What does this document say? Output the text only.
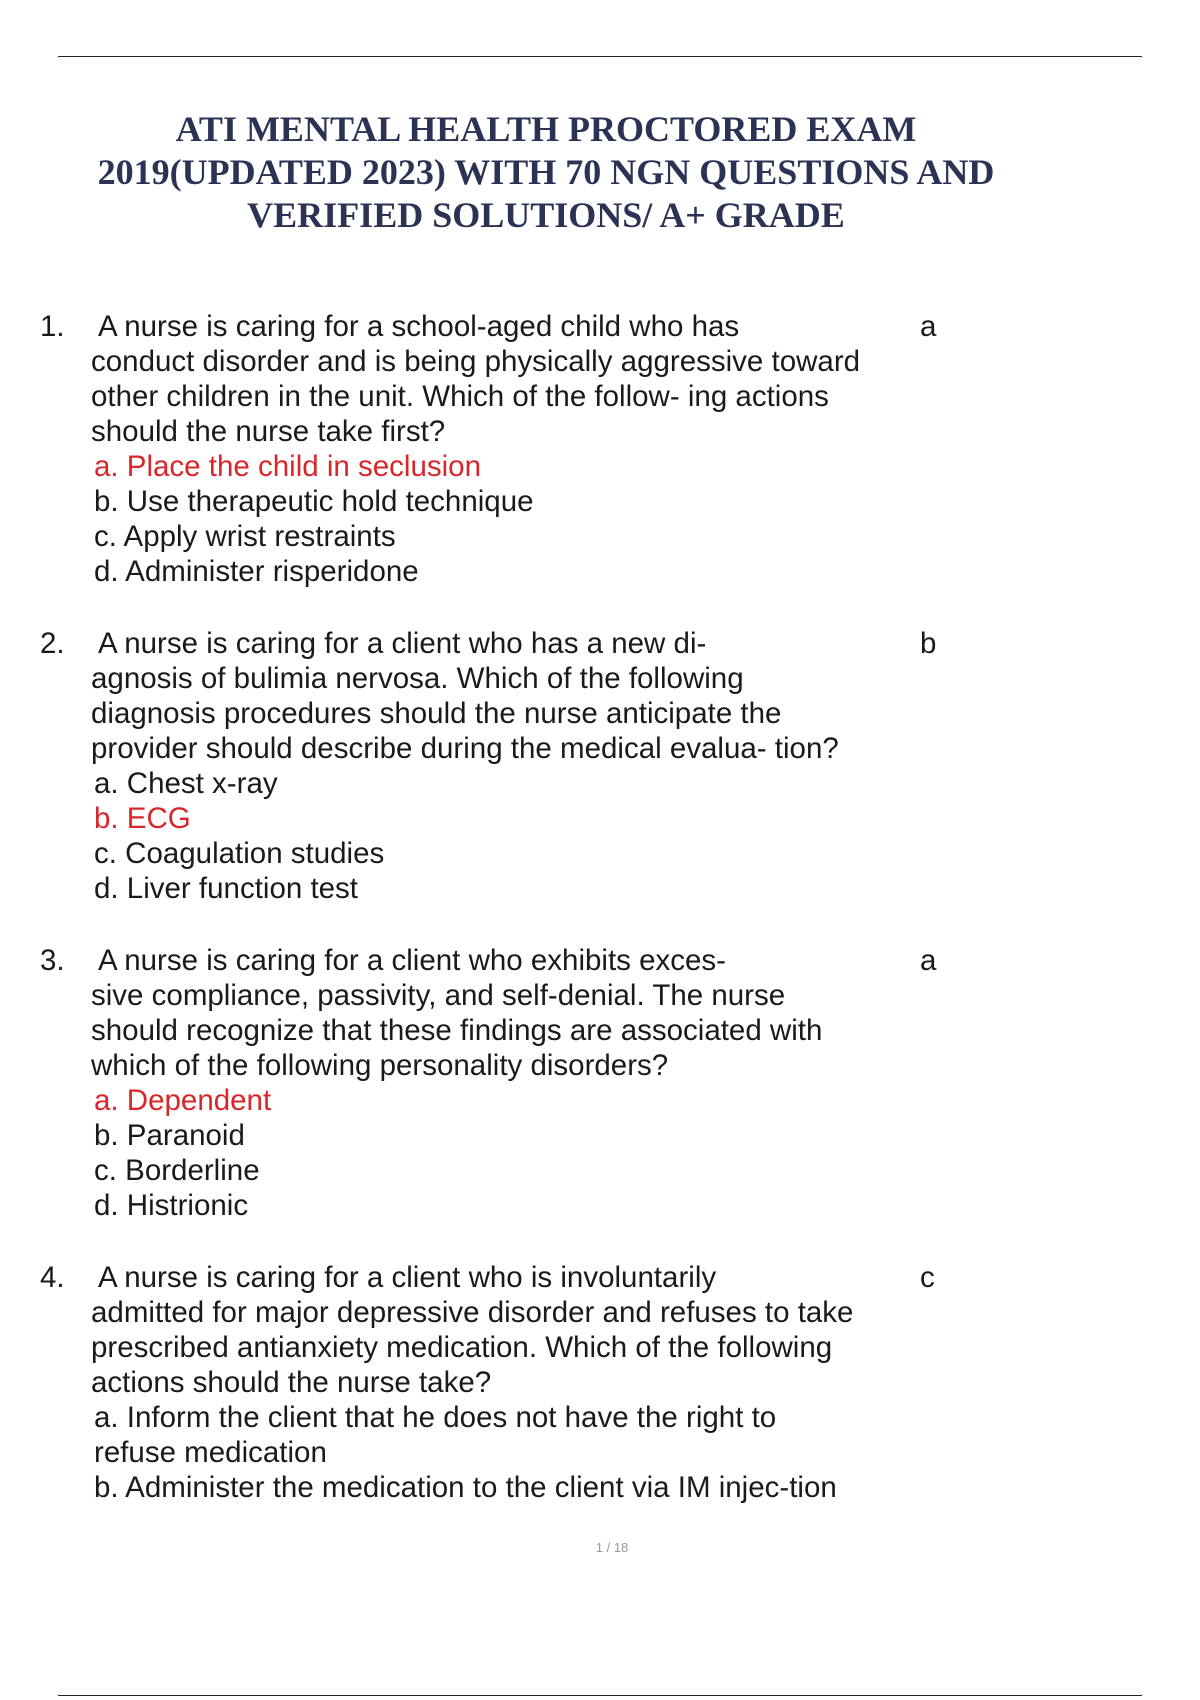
ATI MENTAL HEALTH PROCTORED EXAM
2019(UPDATED 2023) WITH 70 NGN QUESTIONS AND
VERIFIED SOLUTIONS/ A+ GRADE
1.	a
A nurse is caring for a school-aged child who has
conduct disorder and is being physically aggressive toward
other children in the unit. Which of the follow- ing actions
should the nurse take first?
a. Place the child in seclusion
b. Use therapeutic hold technique
c. Apply wrist restraints
d. Administer risperidone
2.	b
A nurse is caring for a client who has a new di-
agnosis of bulimia nervosa. Which of the following
diagnosis procedures should the nurse anticipate the
provider should describe during the medical evalua- tion?
a. Chest x-ray
b. ECG
c. Coagulation studies
d. Liver function test
3.	a
A nurse is caring for a client who exhibits exces-
sive compliance, passivity, and self-denial. The nurse
should recognize that these findings are associated with
which of the following personality disorders?
a. Dependent
b. Paranoid
c. Borderline
d. Histrionic
4.	c
A nurse is caring for a client who is involuntarily
admitted for major depressive disorder and refuses to take
prescribed antianxiety medication. Which of the following
actions should the nurse take?
a. Inform the client that he does not have the right to
refuse medication
b. Administer the medication to the client via IM injec-tion
1 / 18
